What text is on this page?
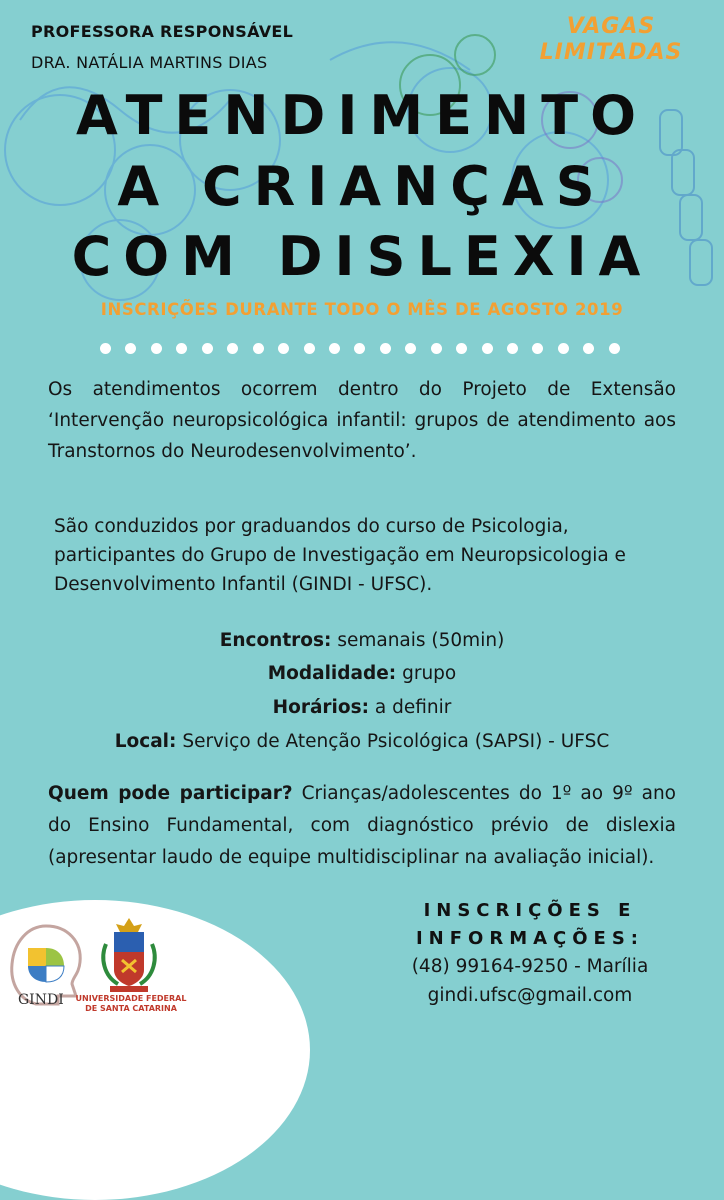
PROFESSORA RESPONSÁVEL
DRA. NATÁLIA MARTINS DIAS
VAGAS
LIMITADAS
ATENDIMENTO
A CRIANÇAS
COM DISLEXIA
INSCRIÇÕES DURANTE TODO O MÊS DE AGOSTO 2019
Os atendimentos ocorrem dentro do Projeto de Extensão ‘Intervenção neuropsicológica infantil: grupos de atendimento aos Transtornos do Neurodesenvolvimento’.
São conduzidos por graduandos do curso de Psicologia, participantes do Grupo de Investigação em Neuropsicologia e Desenvolvimento Infantil (GINDI - UFSC).
Encontros: semanais (50min)
Modalidade: grupo
Horários: a definir
Local: Serviço de Atenção Psicológica (SAPSI) - UFSC
Quem pode participar? Crianças/adolescentes do 1º ao 9º ano do Ensino Fundamental, com diagnóstico prévio de dislexia (apresentar laudo de equipe multidisciplinar na avaliação inicial).
GINDI	UNIVERSIDADE FEDERAL
DE SANTA CATARINA
INSCRIÇÕES E
INFORMAÇÕES:
(48) 99164-9250 - Marília
gindi.ufsc@gmail.com
